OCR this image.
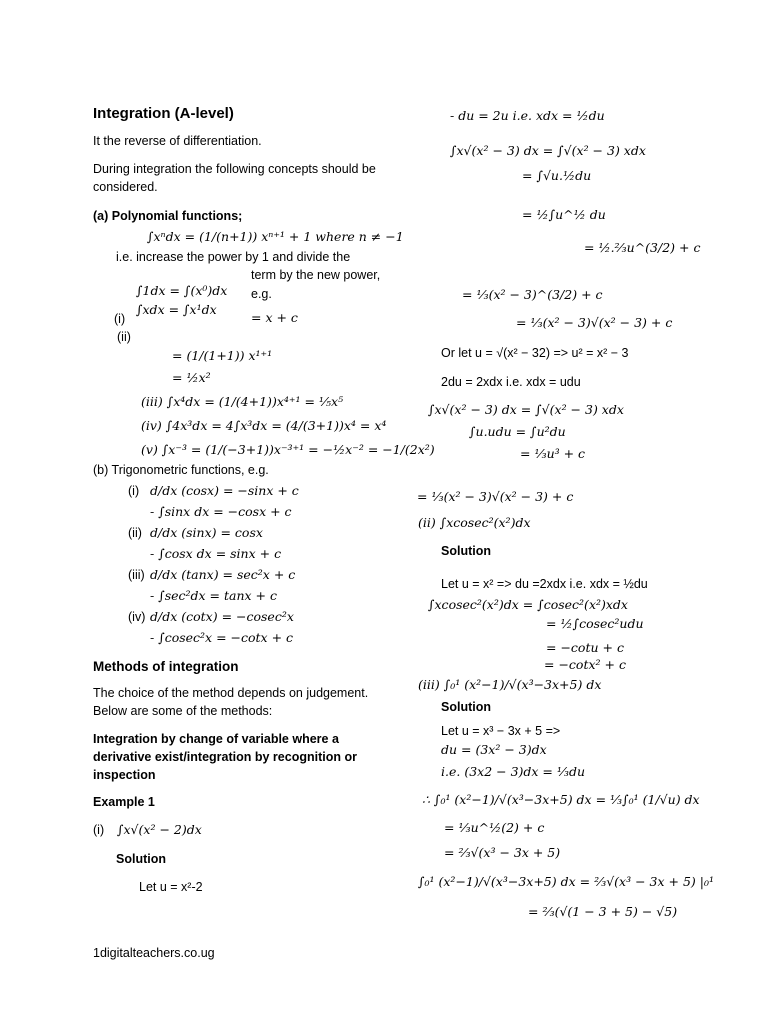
Integration (A-level)
It the reverse of differentiation.
During integration the following concepts should be
considered.
(a) Polynomial functions;
∫xⁿdx = (1/(n+1)) xⁿ⁺¹ + 1 where n ≠ −1
i.e. increase the power by 1 and divide the
term by the new power,
e.g.
∫1dx = ∫(x⁰)dx
∫xdx = ∫x¹dx
(i)	= x + c
(ii)
= (1/(1+1)) x¹⁺¹
= ½x²
(iii) ∫x⁴dx = (1/(4+1))x⁴⁺¹ = ⅕x⁵
(iv) ∫4x³dx = 4∫x³dx = (4/(3+1))x⁴ = x⁴
(v) ∫x⁻³ = (1/(−3+1))x⁻³⁺¹ = −½x⁻² = −1/(2x²)
(b) Trigonometric functions, e.g.
(i) d/dx (cosx) = −sinx + c
- ∫sinx dx = −cosx + c
(ii) d/dx (sinx) = cosx
- ∫cosx dx = sinx + c
(iii) d/dx (tanx) = sec²x + c
- ∫sec²dx = tanx + c
(iv) d/dx (cotx) = −cosec²x
- ∫cosec²x = −cotx + c
Methods of integration
The choice of the method depends on judgement.
Below are some of the methods:
Integration by change of variable where a
derivative exist/integration by recognition or
inspection
Example 1
(i) ∫x√(x² − 2)dx
Solution
Let u = x²-2
1digitalteachers.co.ug
- du = 2u i.e. xdx = ½du
∫x√(x² − 3) dx = ∫√(x² − 3) xdx
= ∫√u.½du
= ½∫u^½ du
= ½.⅔u^(3/2) + c
= ⅓(x² − 3)^(3/2) + c
= ⅓(x² − 3)√(x² − 3) + c
Or let u = √(x² − 32) => u² = x² − 3
2du = 2xdx i.e. xdx = udu
∫x√(x² − 3) dx = ∫√(x² − 3) xdx
∫u.udu = ∫u²du
= ⅓u³ + c
= ⅓(x² − 3)√(x² − 3) + c
(ii) ∫xcosec²(x²)dx
Solution
Let u = x² => du =2xdx i.e. xdx = ½du
∫xcosec²(x²)dx = ∫cosec²(x²)xdx
= ½∫cosec²udu
= −cotu + c
= −cotx² + c
(iii) ∫₀¹ (x²−1)/√(x³−3x+5) dx
Solution
Let u = x³ − 3x + 5 =>
du = (3x² − 3)dx
i.e. (3x2 − 3)dx = ⅓du
∴ ∫₀¹ (x²−1)/√(x³−3x+5) dx = ⅓∫₀¹ (1/√u) dx
= ⅓u^½(2) + c
= ⅔√(x³ − 3x + 5)
∫₀¹ (x²−1)/√(x³−3x+5) dx = ⅔√(x³ − 3x + 5) |₀¹
= ⅔(√(1 − 3 + 5) − √5)
